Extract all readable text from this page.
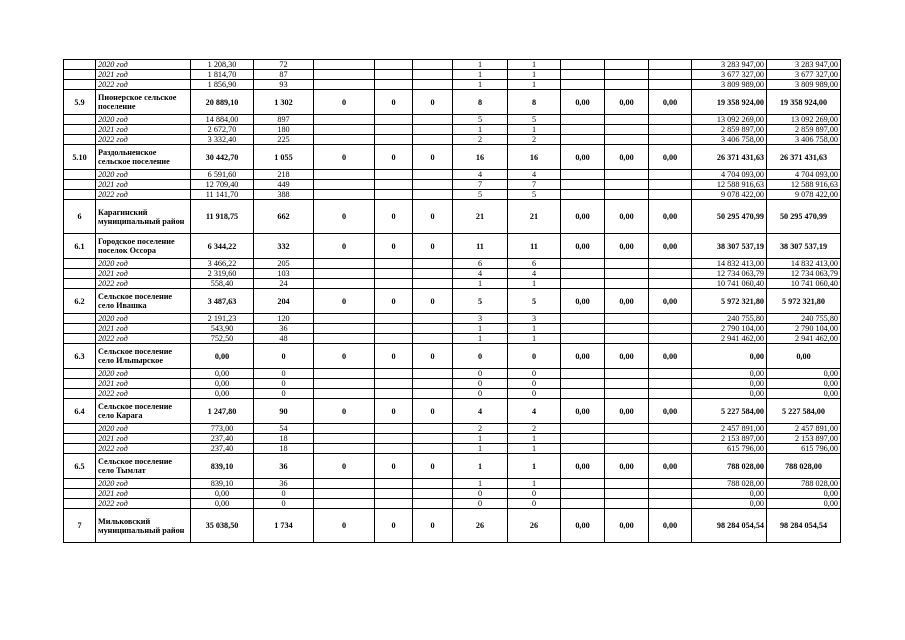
	2020 год	1 208,30	72				1	1				3 283 947,00	3 283 947,00
	2021 год	1 814,70	87				1	1				3 677 327,00	3 677 327,00
	2022 год	1 856,90	93				1	1				3 809 989,00	3 809 989,00
5.9	Пионерское сельское поселение	20 889,10	1 302	0	0	0	8	8	0,00	0,00	0,00	19 358 924,00	19 358 924,00
	2020 год	14 884,00	897				5	5				13 092 269,00	13 092 269,00
	2021 год	2 672,70	180				1	1				2 859 897,00	2 859 897,00
	2022 год	3 332,40	225				2	2				3 406 758,00	3 406 758,00
5.10	Раздольненское сельское поселение	30 442,70	1 055	0	0	0	16	16	0,00	0,00	0,00	26 371 431,63	26 371 431,63
	2020 год	6 591,60	218				4	4				4 704 093,00	4 704 093,00
	2021 год	12 709,40	449				7	7				12 588 916,63	12 588 916,63
	2022 год	11 141,70	388				5	5				9 078 422,00	9 078 422,00
6	Карагинский муниципальный район	11 918,75	662	0	0	0	21	21	0,00	0,00	0,00	50 295 470,99	50 295 470,99
6.1	Городское поселение поселок Оссора	6 344,22	332	0	0	0	11	11	0,00	0,00	0,00	38 307 537,19	38 307 537,19
	2020 год	3 466,22	205				6	6				14 832 413,00	14 832 413,00
	2021 год	2 319,60	103				4	4				12 734 063,79	12 734 063,79
	2022 год	558,40	24				1	1				10 741 060,40	10 741 060,40
6.2	Сельское поселение село Ивашка	3 487,63	204	0	0	0	5	5	0,00	0,00	0,00	5 972 321,80	5 972 321,80
	2020 год	2 191,23	120				3	3				240 755,80	240 755,80
	2021 год	543,90	36				1	1				2 790 104,00	2 790 104,00
	2022 год	752,50	48				1	1				2 941 462,00	2 941 462,00
6.3	Сельское поселение село Ильпырское	0,00	0	0	0	0	0	0	0,00	0,00	0,00	0,00	0,00
	2020 год	0,00	0				0	0				0,00	0,00
	2021 год	0,00	0				0	0				0,00	0,00
	2022 год	0,00	0				0	0				0,00	0,00
6.4	Сельское поселение село Карага	1 247,80	90	0	0	0	4	4	0,00	0,00	0,00	5 227 584,00	5 227 584,00
	2020 год	773,00	54				2	2				2 457 891,00	2 457 891,00
	2021 год	237,40	18				1	1				2 153 897,00	2 153 897,00
	2022 год	237,40	18				1	1				615 796,00	615 796,00
6.5	Сельское поселение село Тымлат	839,10	36	0	0	0	1	1	0,00	0,00	0,00	788 028,00	788 028,00
	2020 год	839,10	36				1	1				788 028,00	788 028,00
	2021 год	0,00	0				0	0				0,00	0,00
	2022 год	0,00	0				0	0				0,00	0,00
7	Мильковский муниципальный район	35 038,50	1 734	0	0	0	26	26	0,00	0,00	0,00	98 284 054,54	98 284 054,54
